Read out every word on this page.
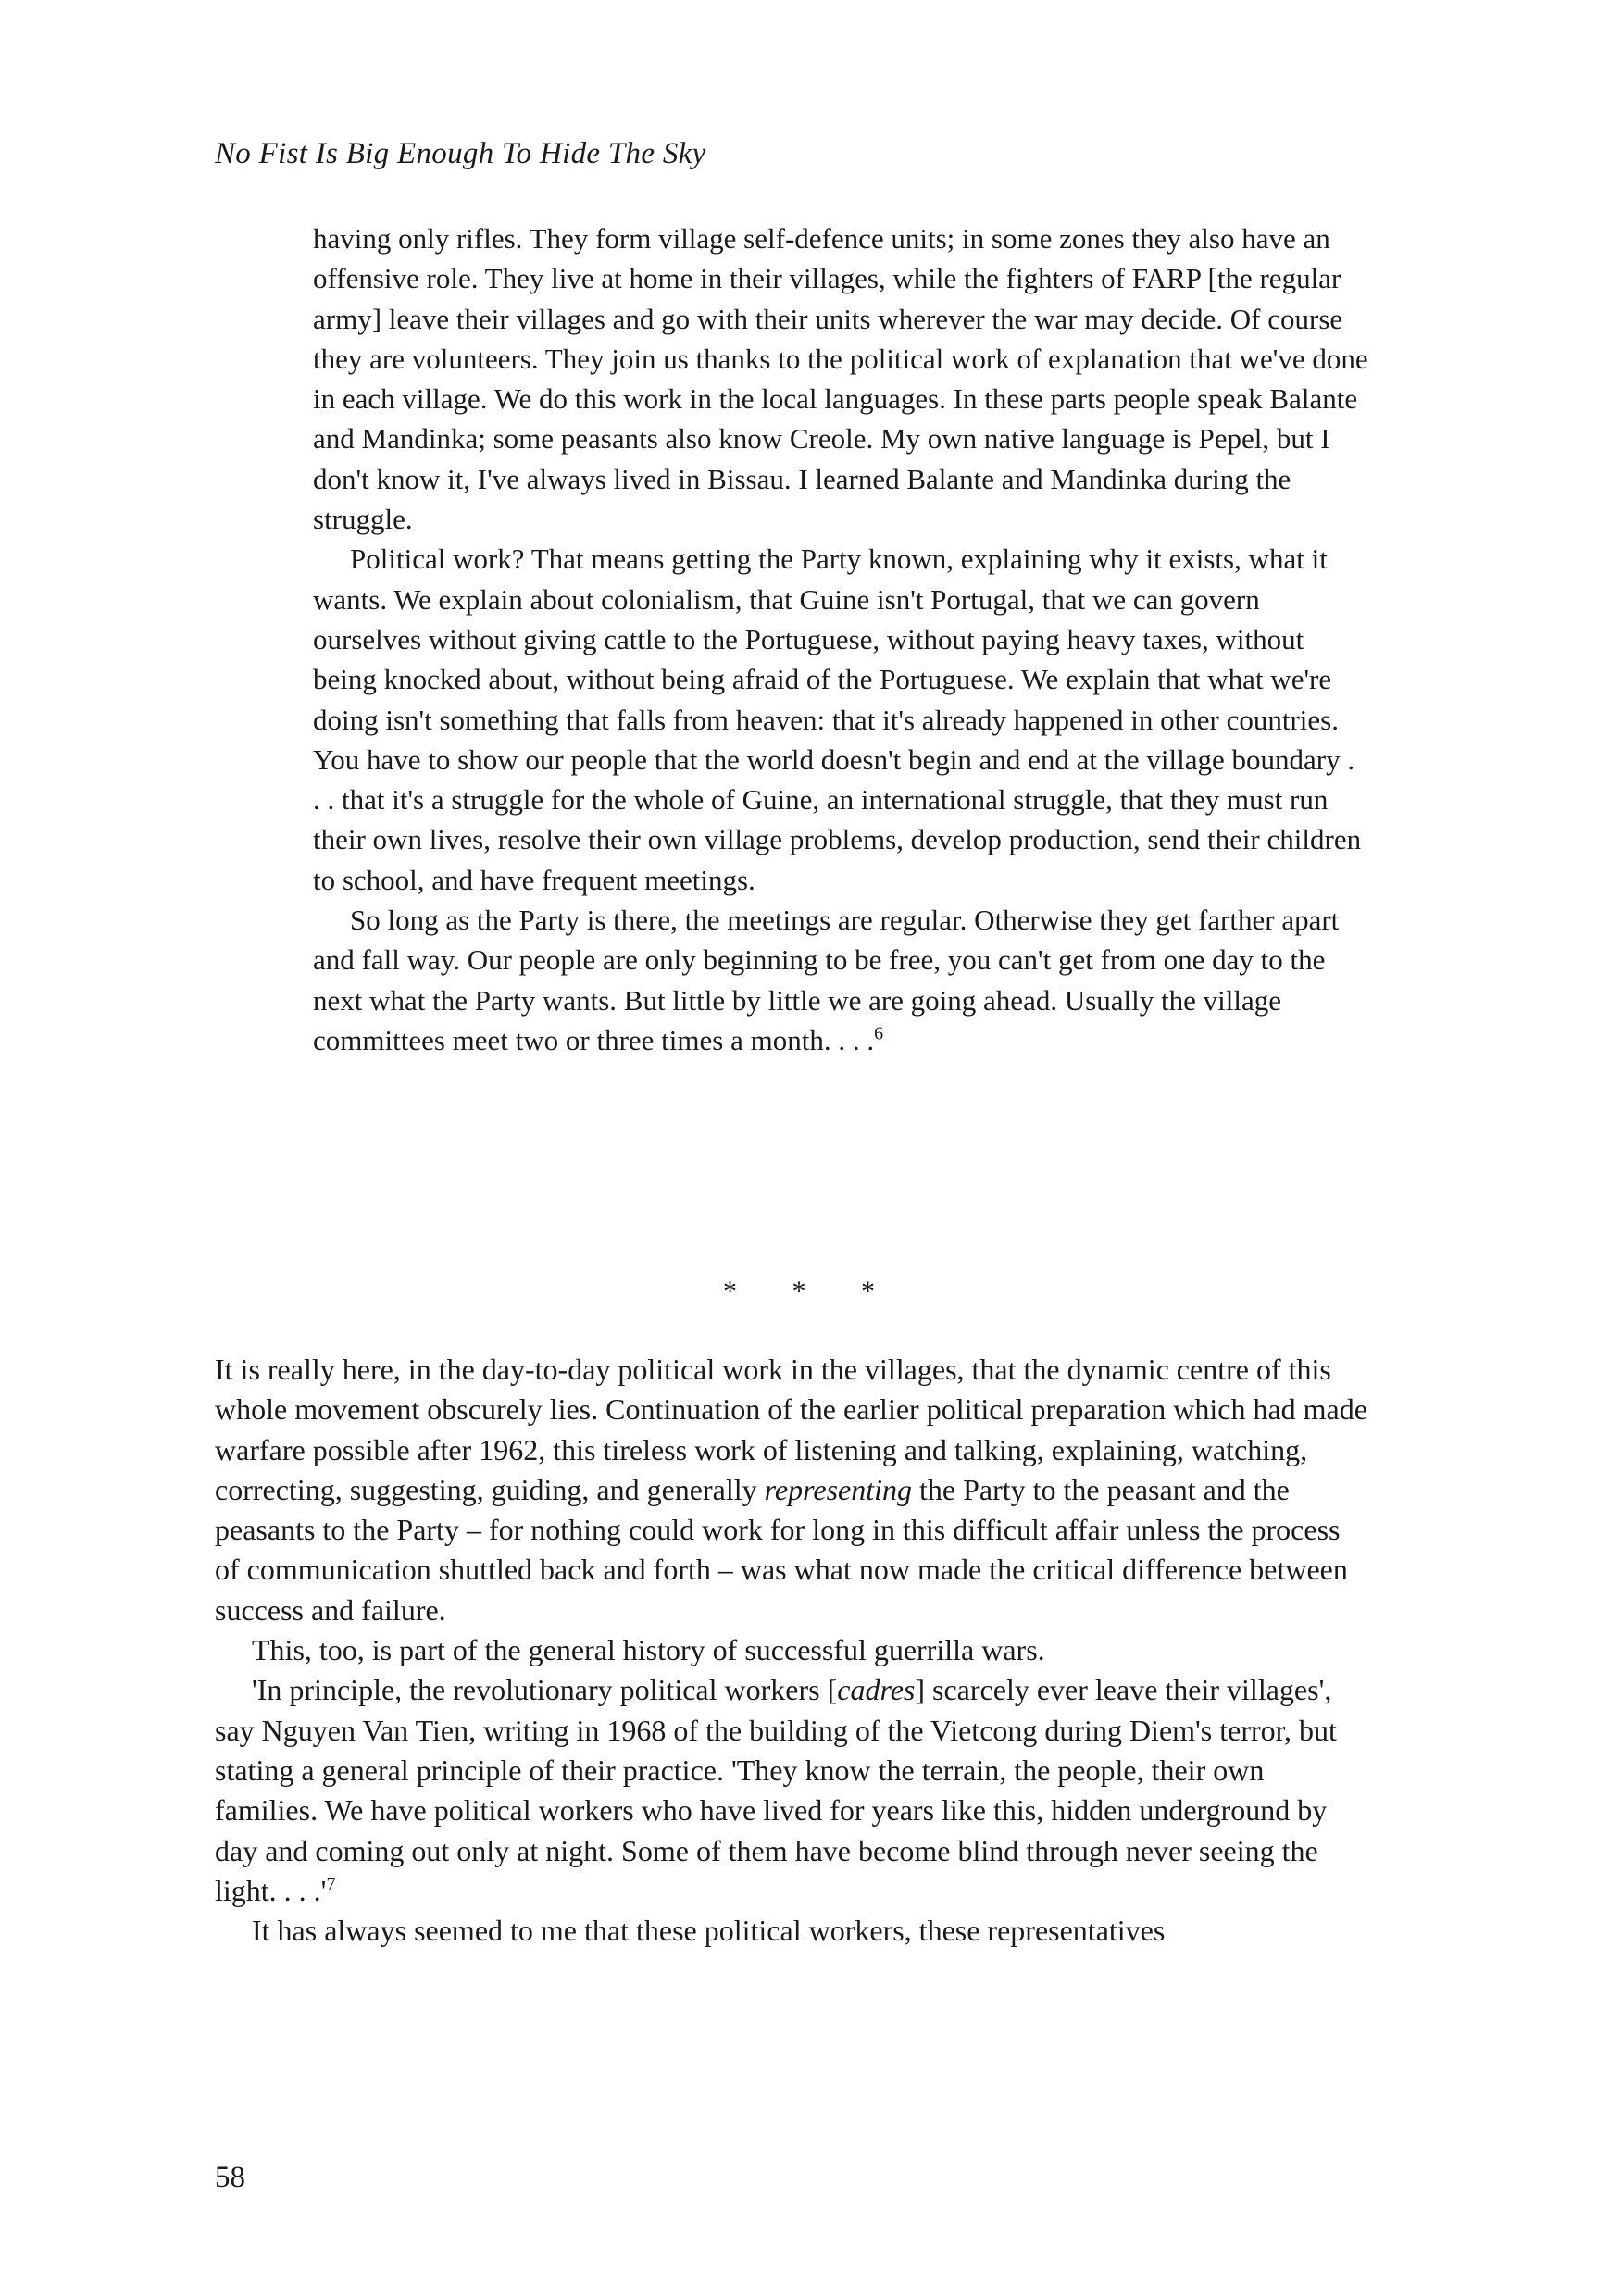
No Fist Is Big Enough To Hide The Sky

having only rifles. They form village self-defence units; in some zones they also have an offensive role. They live at home in their villages, while the fighters of FARP [the regular army] leave their villages and go with their units wherever the war may decide. Of course they are volunteers. They join us thanks to the political work of explanation that we've done in each village. We do this work in the local languages. In these parts people speak Balante and Mandinka; some peasants also know Creole. My own native language is Pepel, but I don't know it, I've always lived in Bissau. I learned Balante and Mandinka during the struggle.

Political work? That means getting the Party known, explaining why it exists, what it wants. We explain about colonialism, that Guine isn't Portugal, that we can govern ourselves without giving cattle to the Portuguese, without paying heavy taxes, without being knocked about, without being afraid of the Portuguese. We explain that what we're doing isn't something that falls from heaven: that it's already happened in other countries. You have to show our people that the world doesn't begin and end at the village boundary . . . that it's a struggle for the whole of Guine, an international struggle, that they must run their own lives, resolve their own village problems, develop production, send their children to school, and have frequent meetings.

So long as the Party is there, the meetings are regular. Otherwise they get farther apart and fall way. Our people are only beginning to be free, you can't get from one day to the next what the Party wants. But little by little we are going ahead. Usually the village committees meet two or three times a month. . . .$^6$

* * *

It is really here, in the day-to-day political work in the villages, that the dynamic centre of this whole movement obscurely lies. Continuation of the earlier political preparation which had made warfare possible after 1962, this tireless work of listening and talking, explaining, watching, correcting, suggesting, guiding, and generally representing the Party to the peasant and the peasants to the Party – for nothing could work for long in this difficult affair unless the process of communication shuttled back and forth – was what now made the critical difference between success and failure.

This, too, is part of the general history of successful guerrilla wars.

'In principle, the revolutionary political workers [cadres] scarcely ever leave their villages', say Nguyen Van Tien, writing in 1968 of the building of the Vietcong during Diem's terror, but stating a general principle of their practice. 'They know the terrain, the people, their own families. We have political workers who have lived for years like this, hidden underground by day and coming out only at night. Some of them have become blind through never seeing the light. . . $.'^7$

It has always seemed to me that these political workers, these representatives

58
